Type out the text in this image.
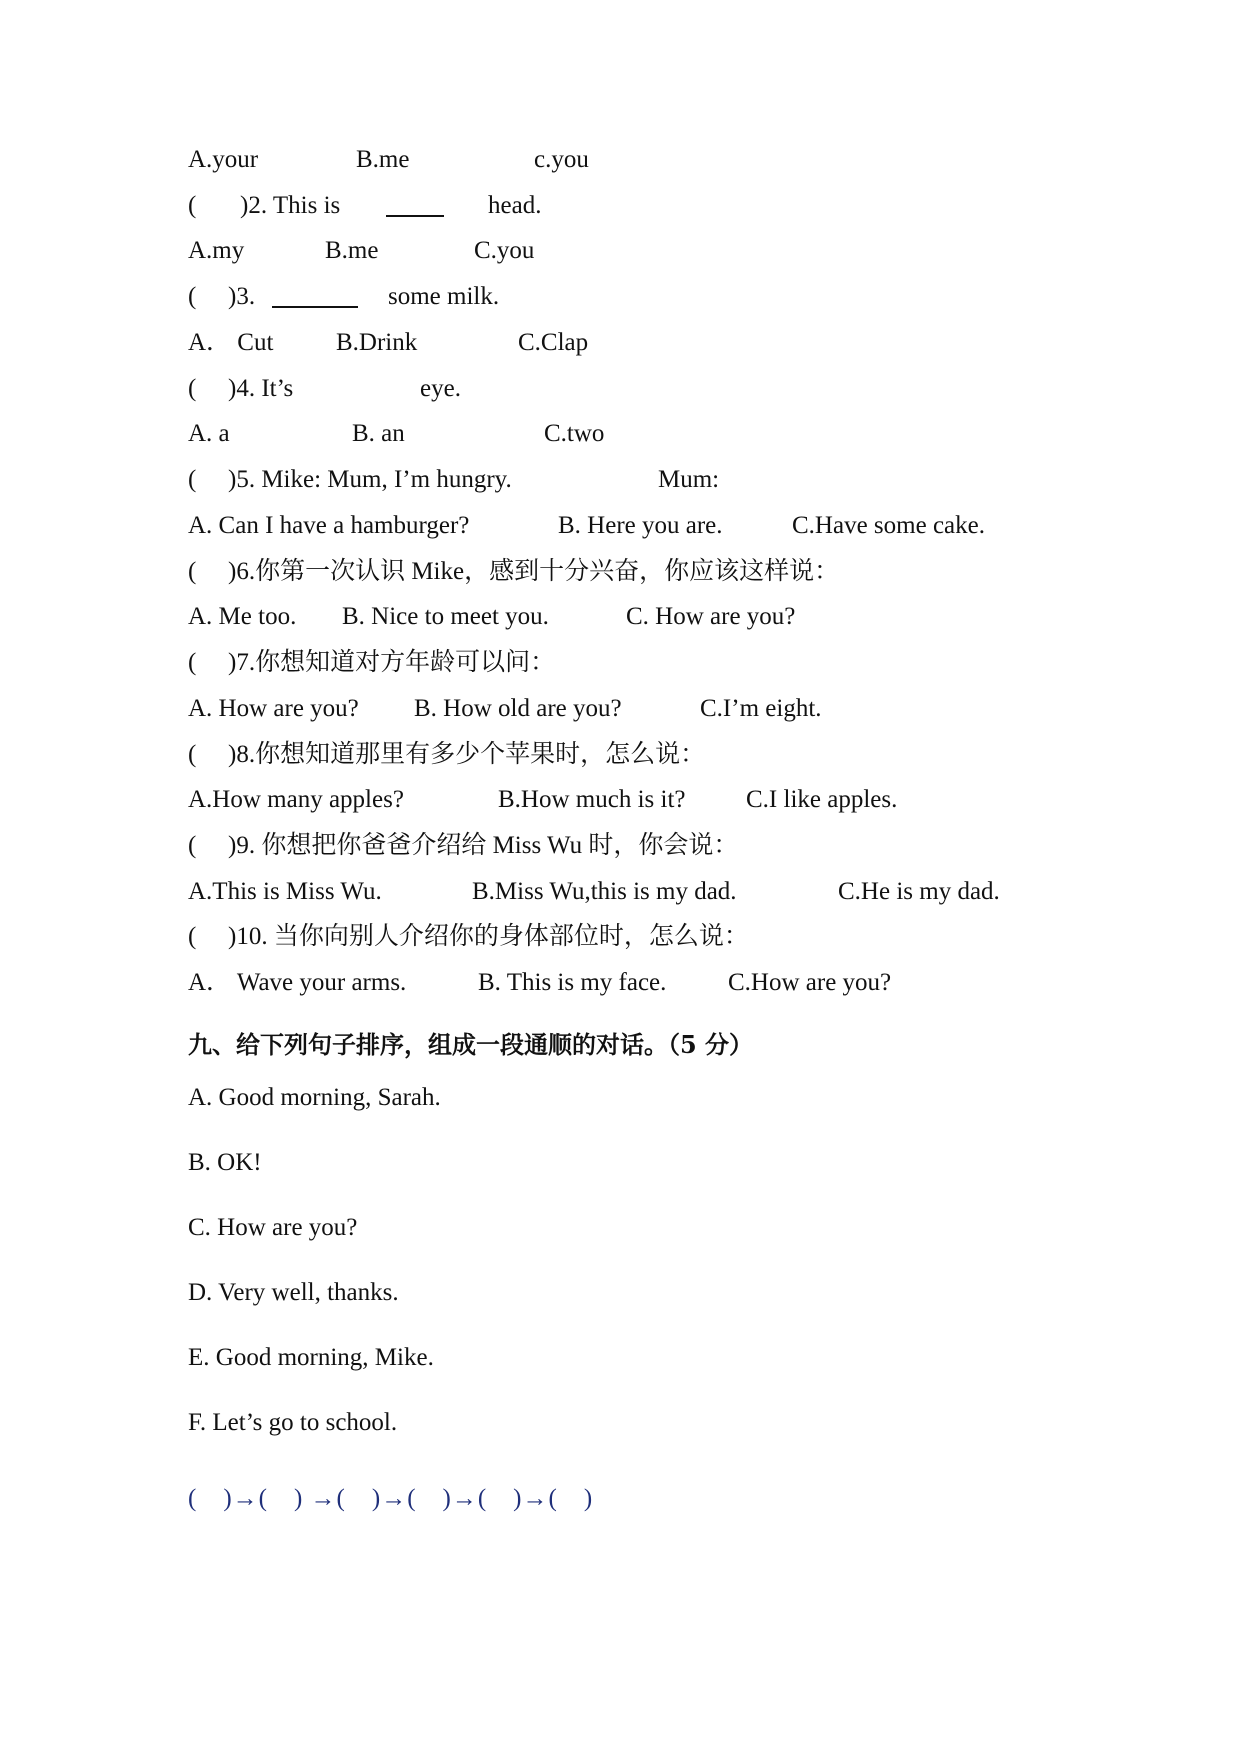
A.your	B.me	c.you
( )2. This is	head.
A.my	B.me	C.you
( )3.	some milk.
A． Cut	B.Drink	C.Clap
( )4. It’s	eye.
A. a	B. an	C.two
( )5. Mike: Mum, I’m hungry.	Mum:
A. Can I have a hamburger?	B. Here you are.	C.Have some cake.
( )6.你第一次认识 Mike，感到十分兴奋，你应该这样说：
A. Me too. B. Nice to meet you.	C. How are you?
( )7.你想知道对方年龄可以问：
A. How are you? B. How old are you?	C.I’m eight.
( )8.你想知道那里有多少个苹果时，怎么说：
A.How many apples?	B.How much is it? C.I like apples.
( )9. 你想把你爸爸介绍给 Miss Wu 时，你会说：
A.This is Miss Wu.	B.Miss Wu,this is my dad.	C.He is my dad.
( )10. 当你向别人介绍你的身体部位时，怎么说：
A． Wave your arms.	B. This is my face. C.How are you?
九、给下列句子排序，组成一段通顺的对话。（5 分）
A. Good morning, Sarah.
B. OK!
C. How are you?
D. Very well, thanks.
E. Good morning, Mike.
F. Let’s go to school.
(　)→(　) →(　)→(　)→(　)→(　)
